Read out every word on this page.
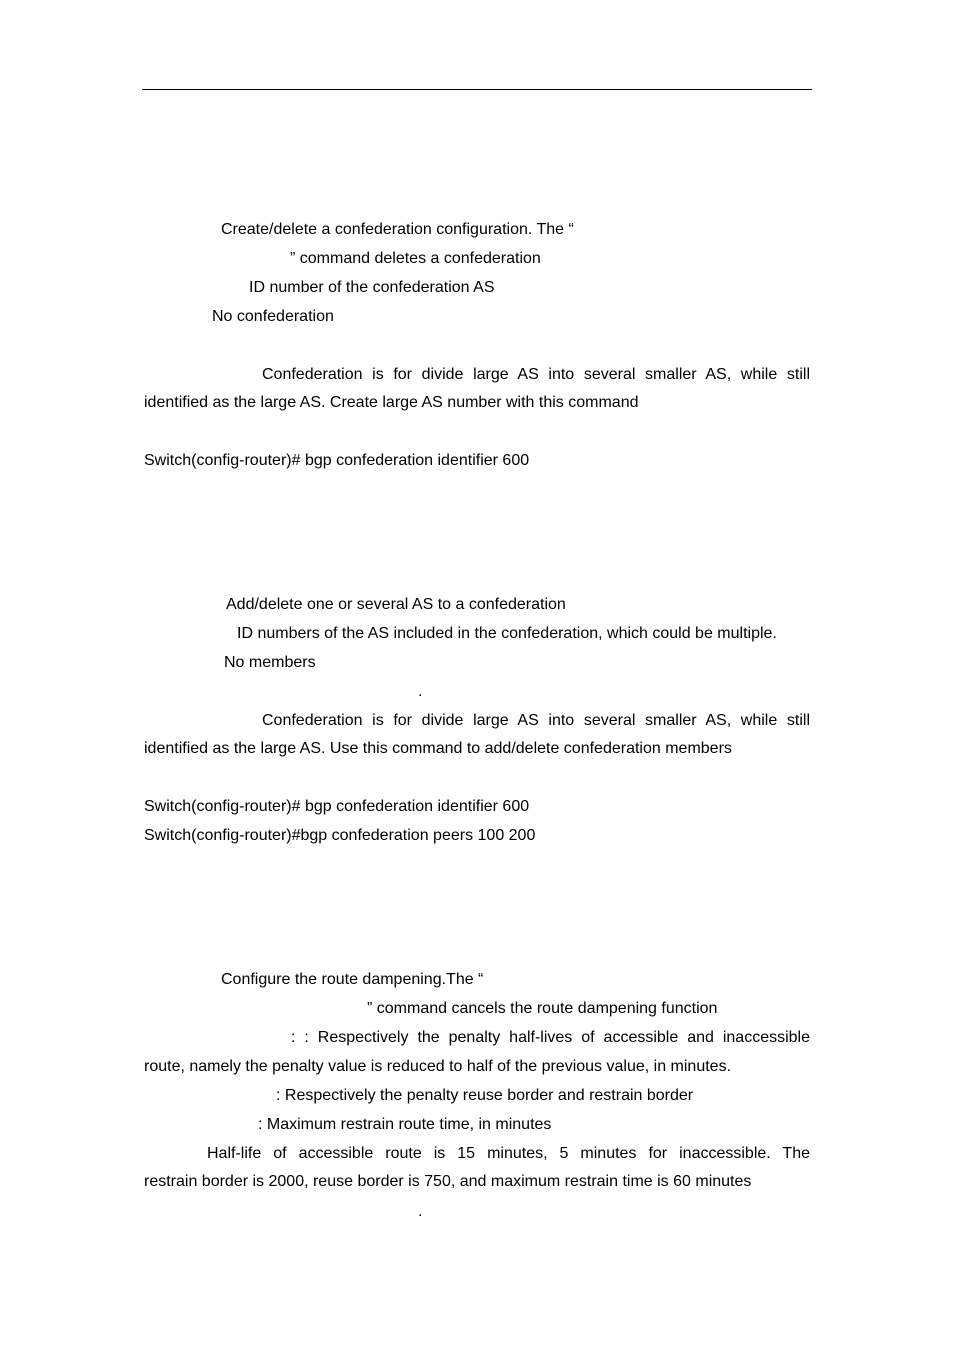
Create/delete a confederation configuration. The “
” command deletes a confederation
ID number of the confederation AS
No confederation
Confederation is for divide large AS into several smaller AS, while still
identified as the large AS. Create large AS number with this command
Switch(config-router)# bgp confederation identifier 600
Add/delete one or several AS to a confederation
ID numbers of the AS included in the confederation, which could be multiple.
No members
.
Confederation is for divide large AS into several smaller AS, while still
identified as the large AS. Use this command to add/delete confederation members
Switch(config-router)# bgp confederation identifier 600
Switch(config-router)#bgp confederation peers 100 200
Configure the route dampening.The “
” command cancels the route dampening function
: : Respectively the penalty half-lives of accessible and inaccessible
route, namely the penalty value is reduced to half of the previous value, in minutes.
: Respectively the penalty reuse border and restrain border
: Maximum restrain route time, in minutes
Half-life of accessible route is 15 minutes, 5 minutes for inaccessible. The
restrain border is 2000, reuse border is 750, and maximum restrain time is 60 minutes
.
